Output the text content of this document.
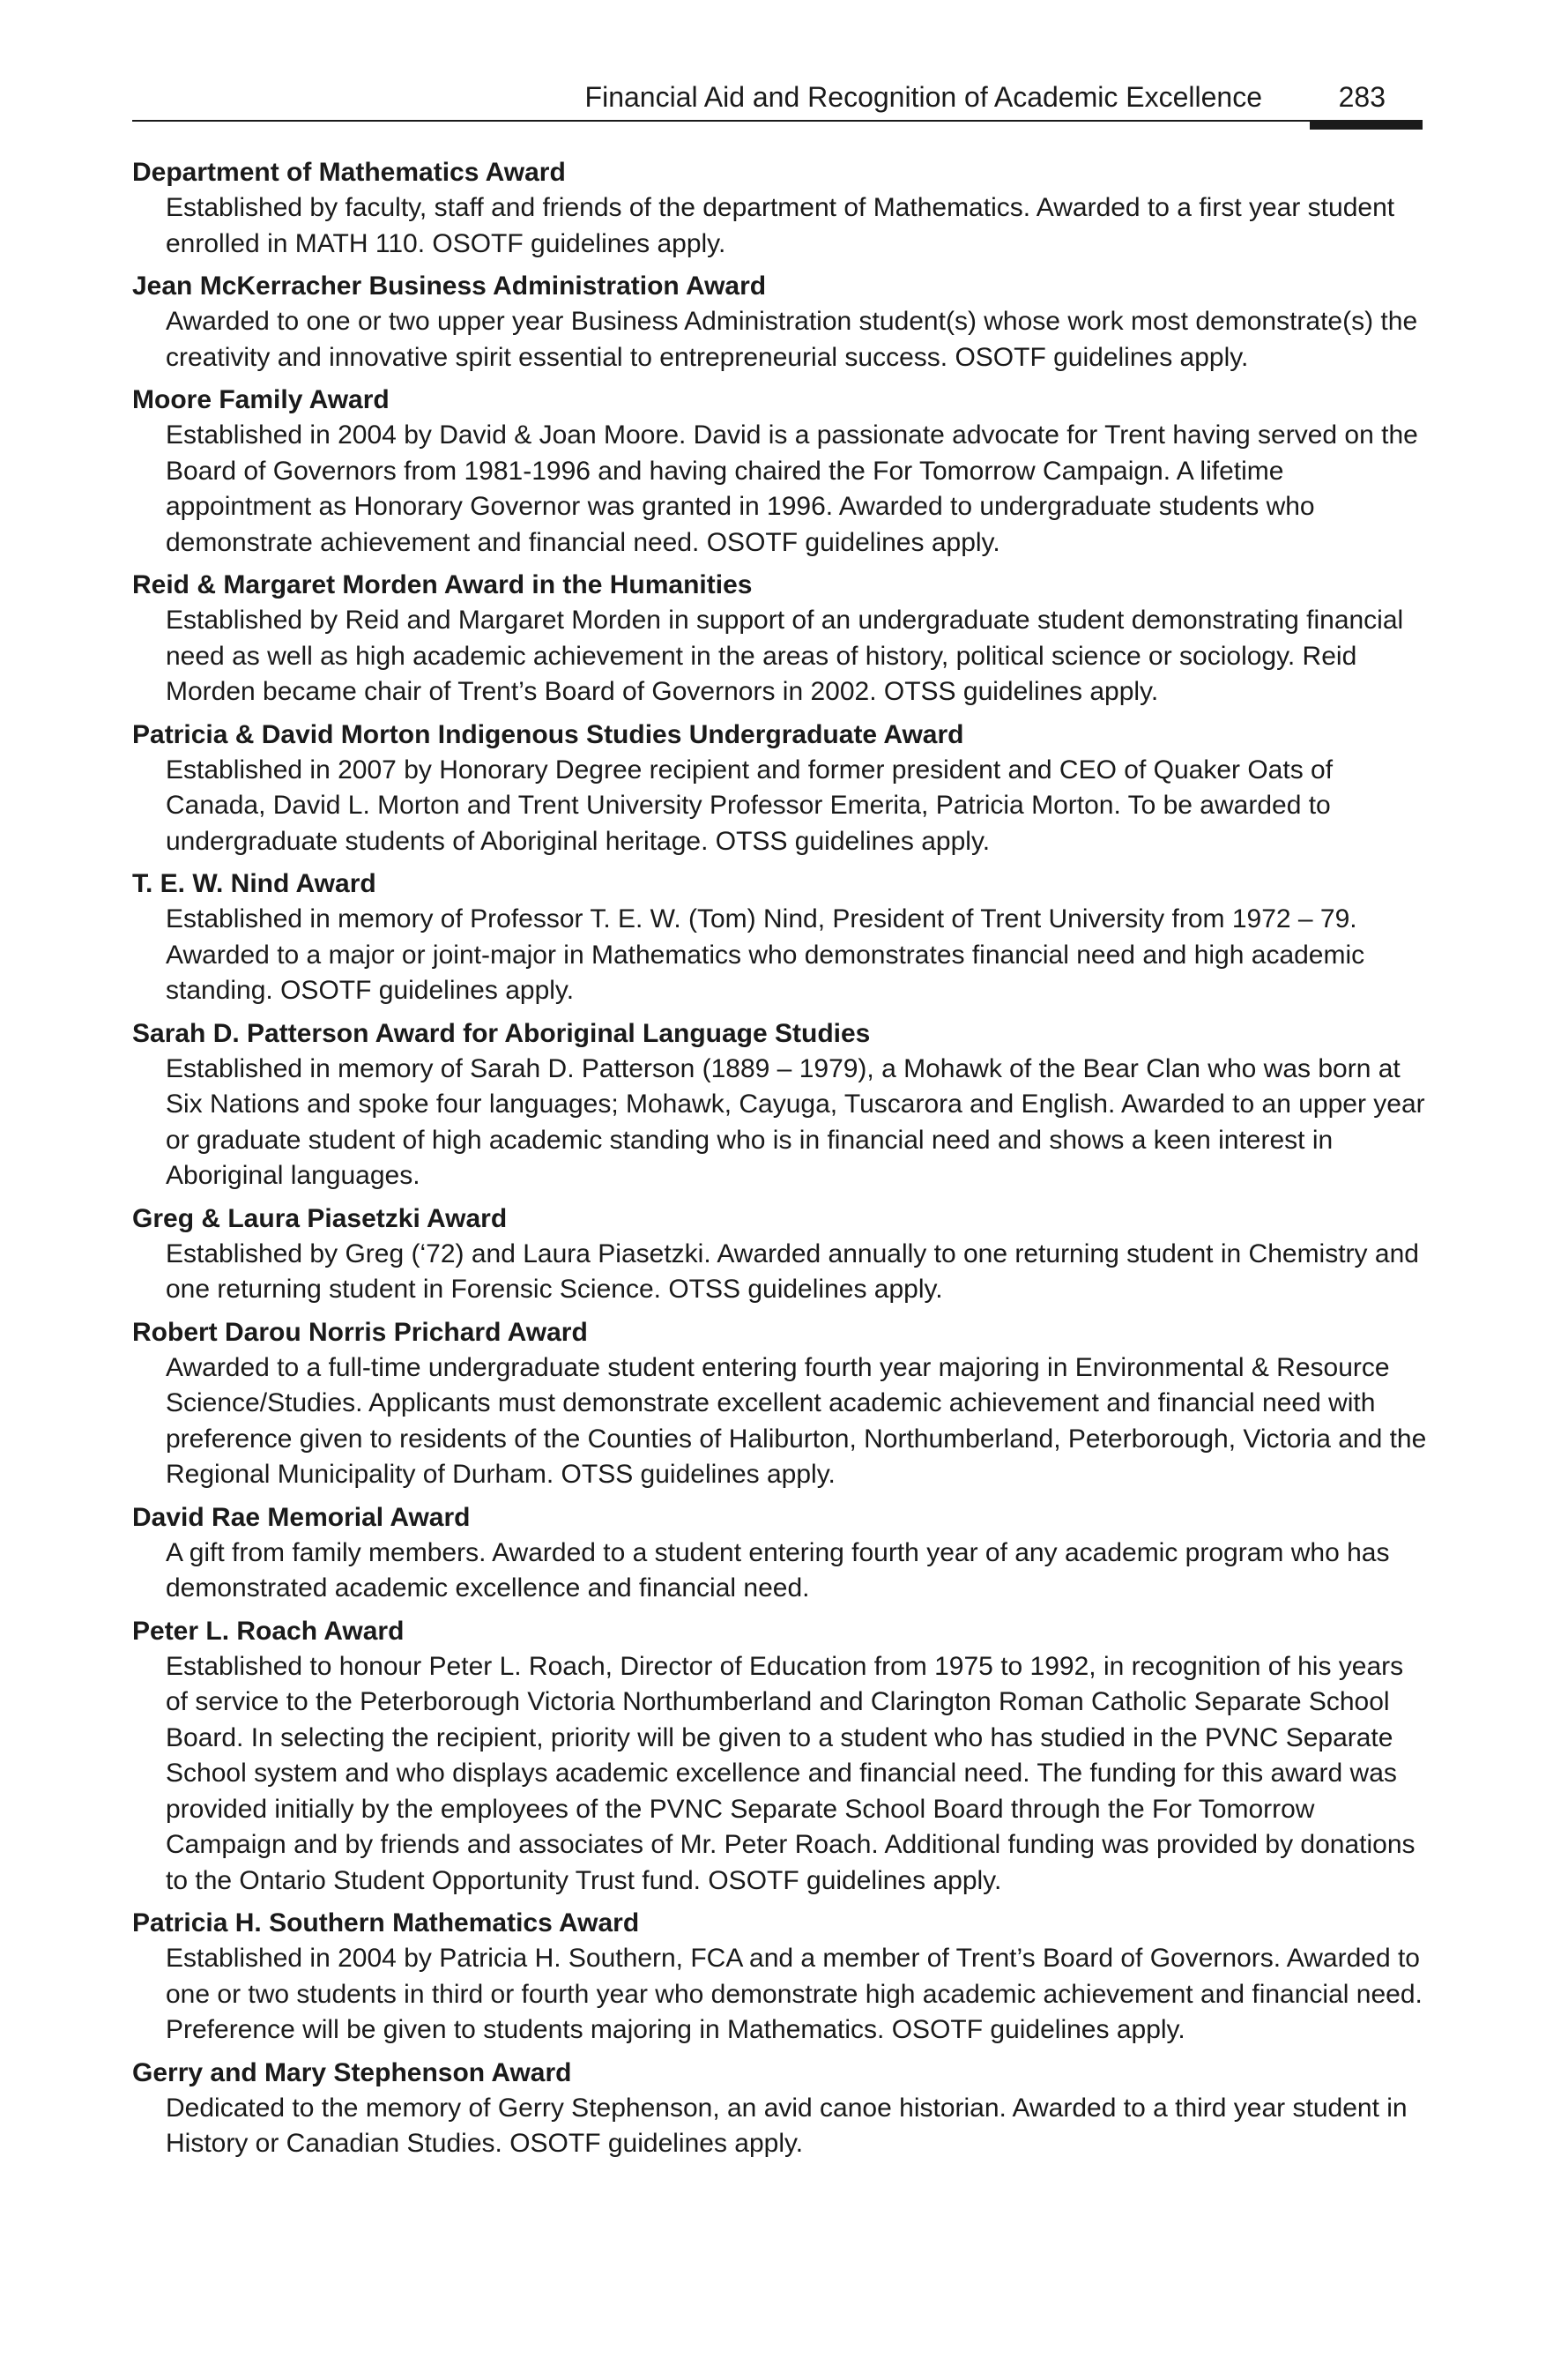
Financial Aid and Recognition of Academic Excellence	283
Department of Mathematics Award
Established by faculty, staff and friends of the department of Mathematics. Awarded to a first year student enrolled in MATH 110. OSOTF guidelines apply.
Jean McKerracher Business Administration Award
Awarded to one or two upper year Business Administration student(s) whose work most demonstrate(s) the creativity and innovative spirit essential to entrepreneurial success. OSOTF guidelines apply.
Moore Family Award
Established in 2004 by David & Joan Moore. David is a passionate advocate for Trent having served on the Board of Governors from 1981-1996 and having chaired the For Tomorrow Campaign. A lifetime appointment as Honorary Governor was granted in 1996. Awarded to undergraduate students who demonstrate achievement and financial need. OSOTF guidelines apply.
Reid & Margaret Morden Award in the Humanities
Established by Reid and Margaret Morden in support of an undergraduate student demonstrating financial need as well as high academic achievement in the areas of history, political science or sociology. Reid Morden became chair of Trent’s Board of Governors in 2002. OTSS guidelines apply.
Patricia & David Morton Indigenous Studies Undergraduate Award
Established in 2007 by Honorary Degree recipient and former president and CEO of Quaker Oats of Canada, David L. Morton and Trent University Professor Emerita, Patricia Morton. To be awarded to undergraduate students of Aboriginal heritage. OTSS guidelines apply.
T. E. W. Nind Award
Established in memory of Professor T. E. W. (Tom) Nind, President of Trent University from 1972 – 79. Awarded to a major or joint-major in Mathematics who demonstrates financial need and high academic standing. OSOTF guidelines apply.
Sarah D. Patterson Award for Aboriginal Language Studies
Established in memory of Sarah D. Patterson (1889 – 1979), a Mohawk of the Bear Clan who was born at Six Nations and spoke four languages; Mohawk, Cayuga, Tuscarora and English. Awarded to an upper year or graduate student of high academic standing who is in financial need and shows a keen interest in Aboriginal languages.
Greg & Laura Piasetzki Award
Established by Greg (‘72) and Laura Piasetzki. Awarded annually to one returning student in Chemistry and one returning student in Forensic Science. OTSS guidelines apply.
Robert Darou Norris Prichard Award
Awarded to a full-time undergraduate student entering fourth year majoring in Environmental & Resource Science/Studies. Applicants must demonstrate excellent academic achievement and financial need with preference given to residents of the Counties of Haliburton, Northumberland, Peterborough, Victoria and the Regional Municipality of Durham. OTSS guidelines apply.
David Rae Memorial Award
A gift from family members. Awarded to a student entering fourth year of any academic program who has demonstrated academic excellence and financial need.
Peter L. Roach Award
Established to honour Peter L. Roach, Director of Education from 1975 to 1992, in recognition of his years of service to the Peterborough Victoria Northumberland and Clarington Roman Catholic Separate School Board. In selecting the recipient, priority will be given to a student who has studied in the PVNC Separate School system and who displays academic excellence and financial need. The funding for this award was provided initially by the employees of the PVNC Separate School Board through the For Tomorrow Campaign and by friends and associates of Mr. Peter Roach. Additional funding was provided by donations to the Ontario Student Opportunity Trust fund. OSOTF guidelines apply.
Patricia H. Southern Mathematics Award
Established in 2004 by Patricia H. Southern, FCA and a member of Trent’s Board of Governors. Awarded to one or two students in third or fourth year who demonstrate high academic achievement and financial need. Preference will be given to students majoring in Mathematics. OSOTF guidelines apply.
Gerry and Mary Stephenson Award
Dedicated to the memory of Gerry Stephenson, an avid canoe historian. Awarded to a third year student in History or Canadian Studies. OSOTF guidelines apply.
